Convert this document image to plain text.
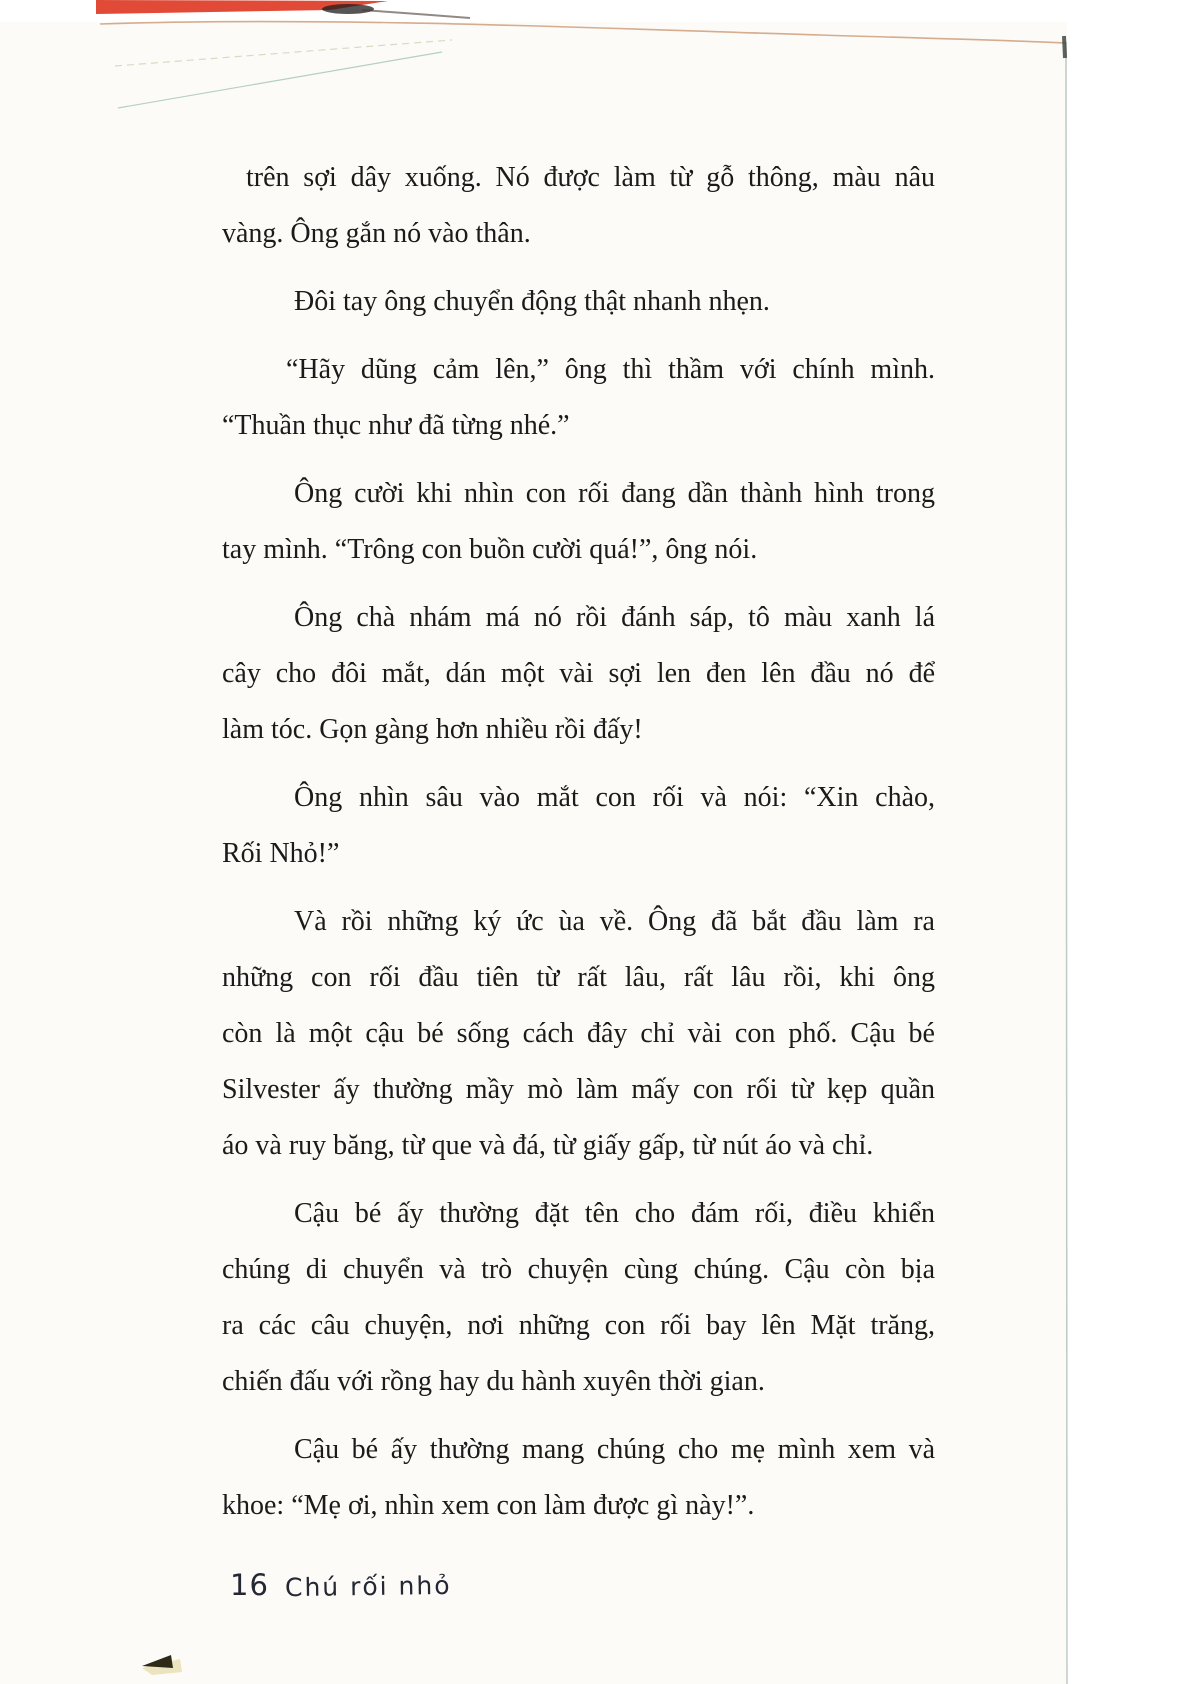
trên sợi dây xuống. Nó được làm từ gỗ thông, màu nâu
vàng. Ông gắn nó vào thân.
Đôi tay ông chuyển động thật nhanh nhẹn.
“Hãy dũng cảm lên,” ông thì thầm với chính mình.
“Thuần thục như đã từng nhé.”
Ông cười khi nhìn con rối đang dần thành hình trong
tay mình. “Trông con buồn cười quá!”, ông nói.
Ông chà nhám má nó rồi đánh sáp, tô màu xanh lá
cây cho đôi mắt, dán một vài sợi len đen lên đầu nó để
làm tóc. Gọn gàng hơn nhiều rồi đấy!
Ông nhìn sâu vào mắt con rối và nói: “Xin chào,
Rối Nhỏ!”
Và rồi những ký ức ùa về. Ông đã bắt đầu làm ra
những con rối đầu tiên từ rất lâu, rất lâu rồi, khi ông
còn là một cậu bé sống cách đây chỉ vài con phố. Cậu bé
Silvester ấy thường mầy mò làm mấy con rối từ kẹp quần
áo và ruy băng, từ que và đá, từ giấy gấp, từ nút áo và chỉ.
Cậu bé ấy thường đặt tên cho đám rối, điều khiển
chúng di chuyển và trò chuyện cùng chúng. Cậu còn bịa
ra các câu chuyện, nơi những con rối bay lên Mặt trăng,
chiến đấu với rồng hay du hành xuyên thời gian.
Cậu bé ấy thường mang chúng cho mẹ mình xem và
khoe: “Mẹ ơi, nhìn xem con làm được gì này!”.
16 Chú rối nhỏ
